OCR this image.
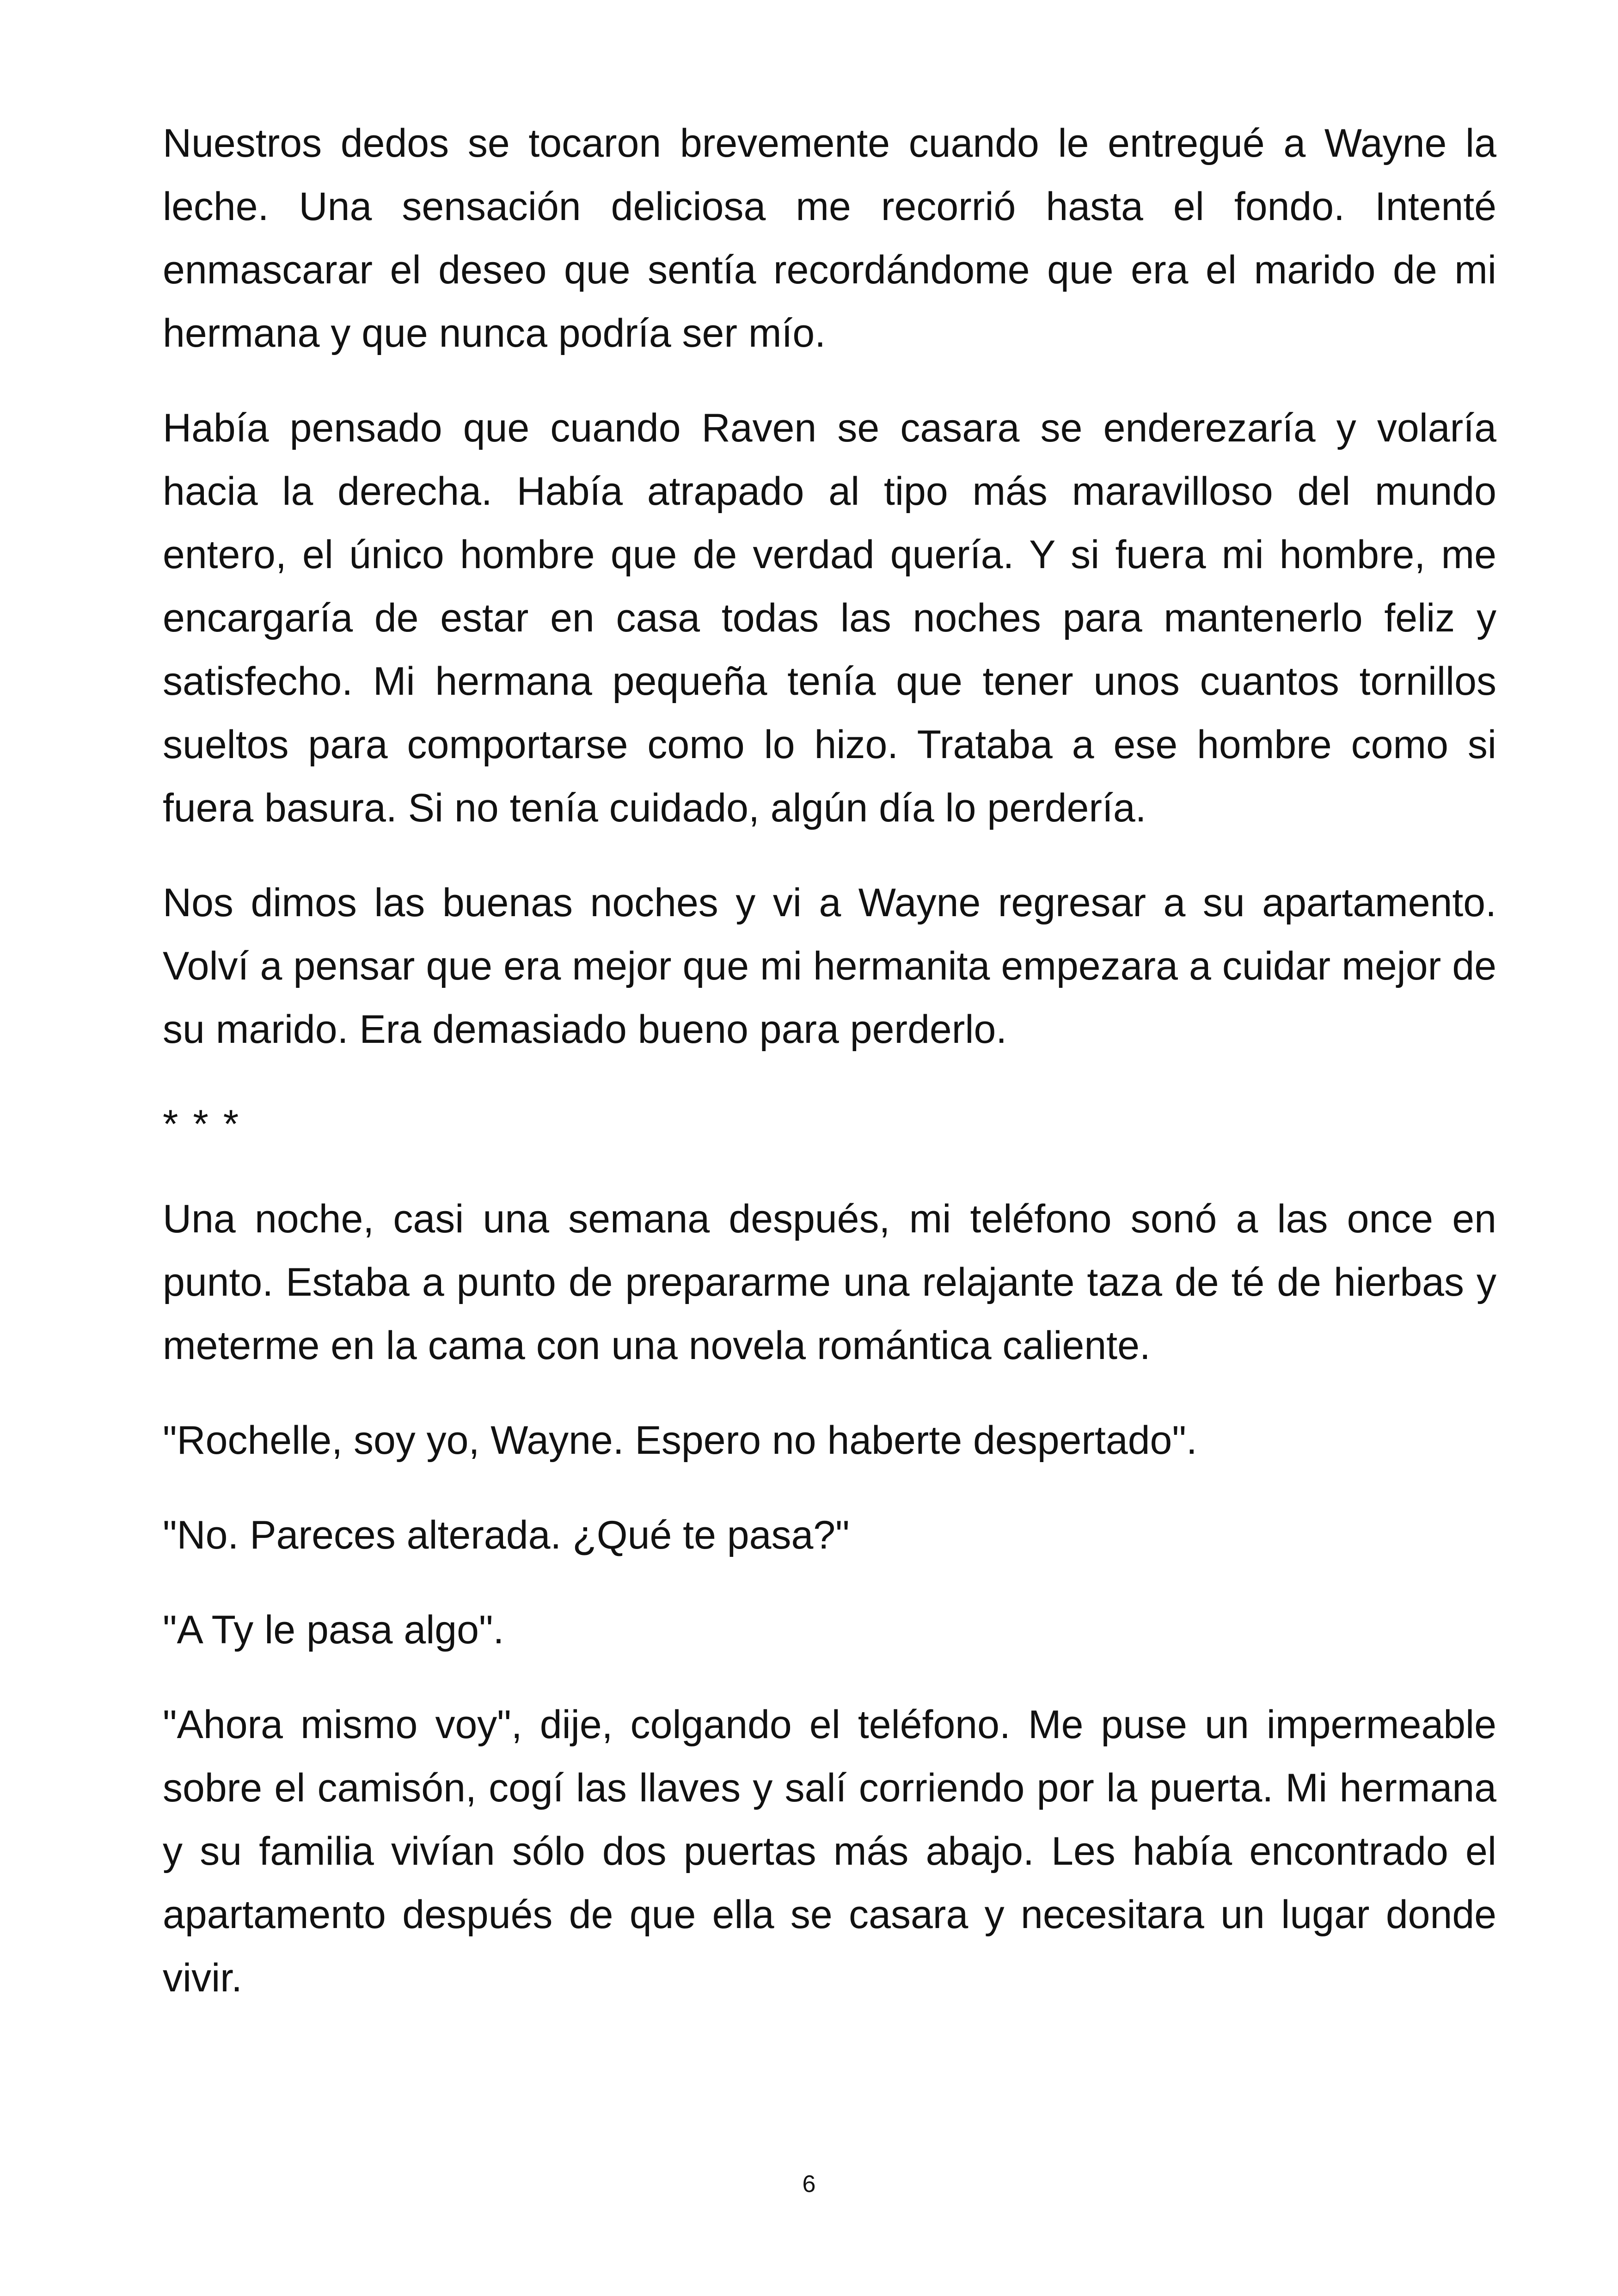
Nuestros dedos se tocaron brevemente cuando le entregué a Wayne la leche. Una sensación deliciosa me recorrió hasta el fondo. Intenté enmascarar el deseo que sentía recordándome que era el marido de mi hermana y que nunca podría ser mío.

Había pensado que cuando Raven se casara se enderezaría y volaría hacia la derecha. Había atrapado al tipo más maravilloso del mundo entero, el único hombre que de verdad quería. Y si fuera mi hombre, me encargaría de estar en casa todas las noches para mantenerlo feliz y satisfecho. Mi hermana pequeña tenía que tener unos cuantos tornillos sueltos para comportarse como lo hizo. Trataba a ese hombre como si fuera basura. Si no tenía cuidado, algún día lo perdería.

Nos dimos las buenas noches y vi a Wayne regresar a su apartamento. Volví a pensar que era mejor que mi hermanita empezara a cuidar mejor de su marido. Era demasiado bueno para perderlo.

* * *

Una noche, casi una semana después, mi teléfono sonó a las once en punto. Estaba a punto de prepararme una relajante taza de té de hierbas y meterme en la cama con una novela romántica caliente.

"Rochelle, soy yo, Wayne. Espero no haberte despertado".

"No. Pareces alterada. ¿Qué te pasa?"

"A Ty le pasa algo".

"Ahora mismo voy", dije, colgando el teléfono. Me puse un impermeable sobre el camisón, cogí las llaves y salí corriendo por la puerta. Mi hermana y su familia vivían sólo dos puertas más abajo. Les había encontrado el apartamento después de que ella se casara y necesitara un lugar donde vivir.

6
